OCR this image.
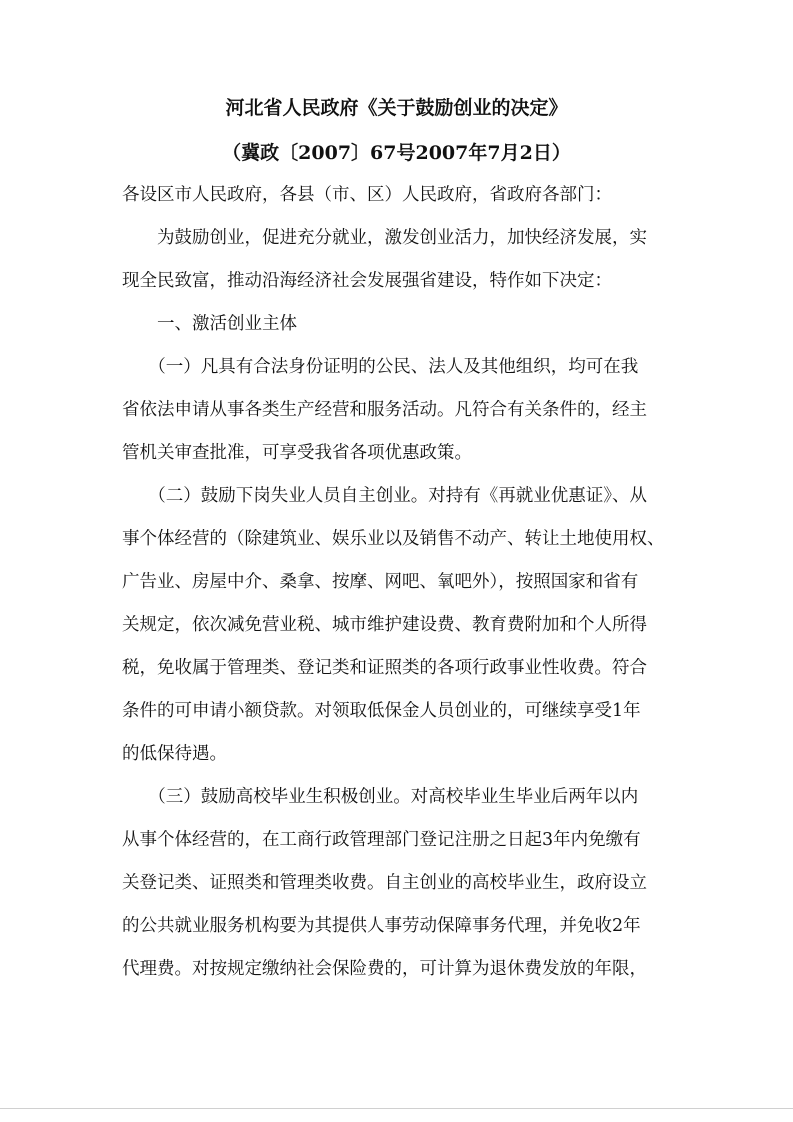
河北省人民政府《关于鼓励创业的决定》
（冀政〔2007〕67号2007年7月2日）
各设区市人民政府，各县（市、区）人民政府，省政府各部门：
　　为鼓励创业，促进充分就业，激发创业活力，加快经济发展，实
现全民致富，推动沿海经济社会发展强省建设，特作如下决定：
　　一、激活创业主体
　　（一）凡具有合法身份证明的公民、法人及其他组织，均可在我
省依法申请从事各类生产经营和服务活动。凡符合有关条件的，经主
管机关审查批准，可享受我省各项优惠政策。
　　（二）鼓励下岗失业人员自主创业。对持有《再就业优惠证》、从
事个体经营的（除建筑业、娱乐业以及销售不动产、转让土地使用权、
广告业、房屋中介、桑拿、按摩、网吧、氧吧外），按照国家和省有
关规定，依次减免营业税、城市维护建设费、教育费附加和个人所得
税，免收属于管理类、登记类和证照类的各项行政事业性收费。符合
条件的可申请小额贷款。对领取低保金人员创业的，可继续享受1年
的低保待遇。
　　（三）鼓励高校毕业生积极创业。对高校毕业生毕业后两年以内
从事个体经营的，在工商行政管理部门登记注册之日起3年内免缴有
关登记类、证照类和管理类收费。自主创业的高校毕业生，政府设立
的公共就业服务机构要为其提供人事劳动保障事务代理，并免收2年
代理费。对按规定缴纳社会保险费的，可计算为退休费发放的年限，
